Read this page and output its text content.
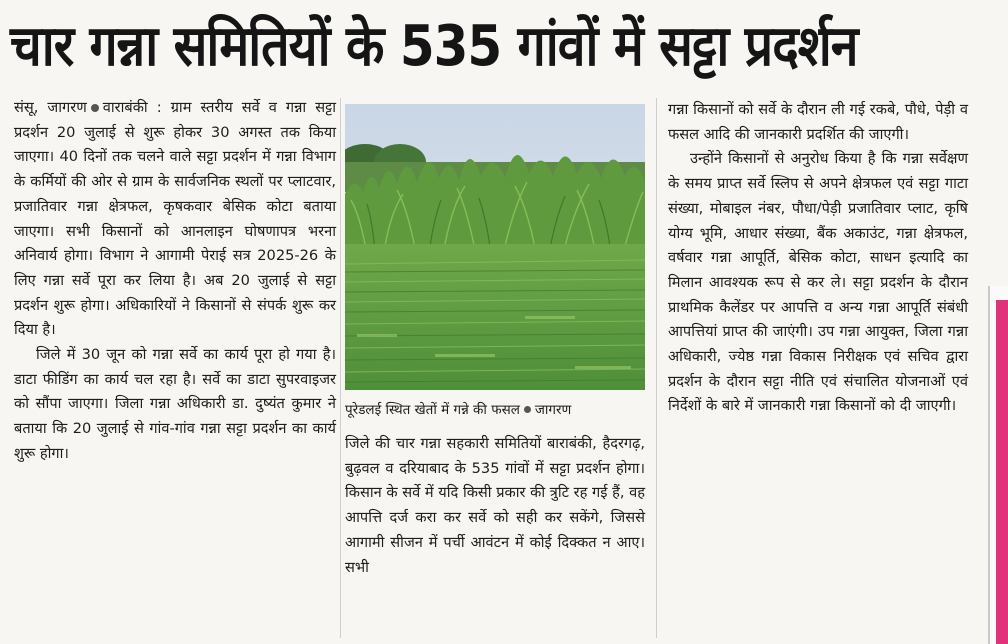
चार गन्ना समितियों के 535 गांवों में सट्टा प्रदर्शन

संसू, जागरण वाराबंकी : ग्राम स्तरीय सर्वे व गन्ना सट्टा प्रदर्शन 20 जुलाई से शुरू होकर 30 अगस्त तक किया जाएगा। 40 दिनों तक चलने वाले सट्टा प्रदर्शन में गन्ना विभाग के कर्मियों की ओर से ग्राम के सार्वजनिक स्थलों पर प्लाटवार, प्रजातिवार गन्ना क्षेत्रफल, कृषकवार बेसिक कोटा बताया जाएगा। सभी किसानों को आनलाइन घोषणापत्र भरना अनिवार्य होगा। विभाग ने आगामी पेराई सत्र 2025-26 के लिए गन्ना सर्वे पूरा कर लिया है। अब 20 जुलाई से सट्टा प्रदर्शन शुरू होगा। अधिकारियों ने किसानों से संपर्क शुरू कर दिया है।

जिले में 30 जून को गन्ना सर्वे का कार्य पूरा हो गया है। डाटा फीडिंग का कार्य चल रहा है। सर्वे का डाटा सुपरवाइजर को सौंपा जाएगा। जिला गन्ना अधिकारी डा. दुष्यंत कुमार ने बताया कि 20 जुलाई से गांव-गांव गन्ना सट्टा प्रदर्शन का कार्य शुरू होगा।

पूरेडलई स्थित खेतों में गन्ने की फसल जागरण

जिले की चार गन्ना सहकारी समितियों बाराबंकी, हैदरगढ़, बुढ़वल व दरियाबाद के 535 गांवों में सट्टा प्रदर्शन होगा। किसान के सर्वे में यदि किसी प्रकार की त्रुटि रह गई हैं, वह आपत्ति दर्ज करा कर सर्वे को सही कर सकेंगे, जिससे आगामी सीजन में पर्ची आवंटन में कोई दिक्कत न आए। सभी

गन्ना किसानों को सर्वे के दौरान ली गई रकबे, पौधे, पेड़ी व फसल आदि की जानकारी प्रदर्शित की जाएगी।

उन्होंने किसानों से अनुरोध किया है कि गन्ना सर्वेक्षण के समय प्राप्त सर्वे स्लिप से अपने क्षेत्रफल एवं सट्टा गाटा संख्या, मोबाइल नंबर, पौधा/पेड़ी प्रजातिवार प्लाट, कृषि योग्य भूमि, आधार संख्या, बैंक अकाउंट, गन्ना क्षेत्रफल, वर्षवार गन्ना आपूर्ति, बेसिक कोटा, साधन इत्यादि का मिलान आवश्यक रूप से कर ले। सट्टा प्रदर्शन के दौरान प्राथमिक कैलेंडर पर आपत्ति व अन्य गन्ना आपूर्ति संबंधी आपत्तियां प्राप्त की जाएंगी। उप गन्ना आयुक्त, जिला गन्ना अधिकारी, ज्येष्ठ गन्ना विकास निरीक्षक एवं सचिव द्वारा प्रदर्शन के दौरान सट्टा नीति एवं संचालित योजनाओं एवं निर्देशों के बारे में जानकारी गन्ना किसानों को दी जाएगी।
